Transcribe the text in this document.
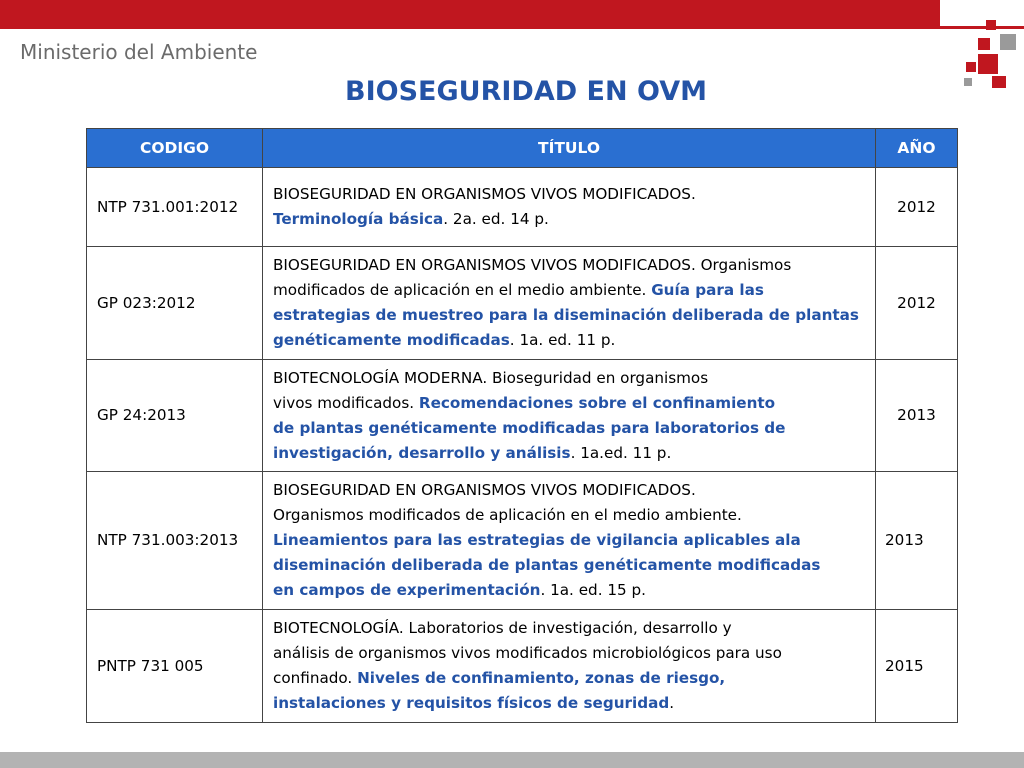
Ministerio del Ambiente
BIOSEGURIDAD EN OVM
CODIGO	TÍTULO	AÑO
NTP 731.001:2012	BIOSEGURIDAD EN ORGANISMOS VIVOS MODIFICADOS.
Terminología básica. 2a. ed. 14 p.	2012
GP 023:2012	BIOSEGURIDAD EN ORGANISMOS VIVOS MODIFICADOS. Organismos
modificados de aplicación en el medio ambiente. Guía para las
estrategias de muestreo para la diseminación deliberada de plantas
genéticamente modificadas. 1a. ed. 11 p.	2012
GP 24:2013	BIOTECNOLOGÍA MODERNA. Bioseguridad en organismos
vivos modificados. Recomendaciones sobre el confinamiento
de plantas genéticamente modificadas para laboratorios de
investigación, desarrollo y análisis. 1a.ed. 11 p.	2013
NTP 731.003:2013	BIOSEGURIDAD EN ORGANISMOS VIVOS MODIFICADOS.
Organismos modificados de aplicación en el medio ambiente.
Lineamientos para las estrategias de vigilancia aplicables ala
diseminación deliberada de plantas genéticamente modificadas
en campos de experimentación. 1a. ed. 15 p.	2013
PNTP 731 005	BIOTECNOLOGÍA. Laboratorios de investigación, desarrollo y
análisis de organismos vivos modificados microbiológicos para uso
confinado. Niveles de confinamiento, zonas de riesgo,
instalaciones y requisitos físicos de seguridad.	2015
